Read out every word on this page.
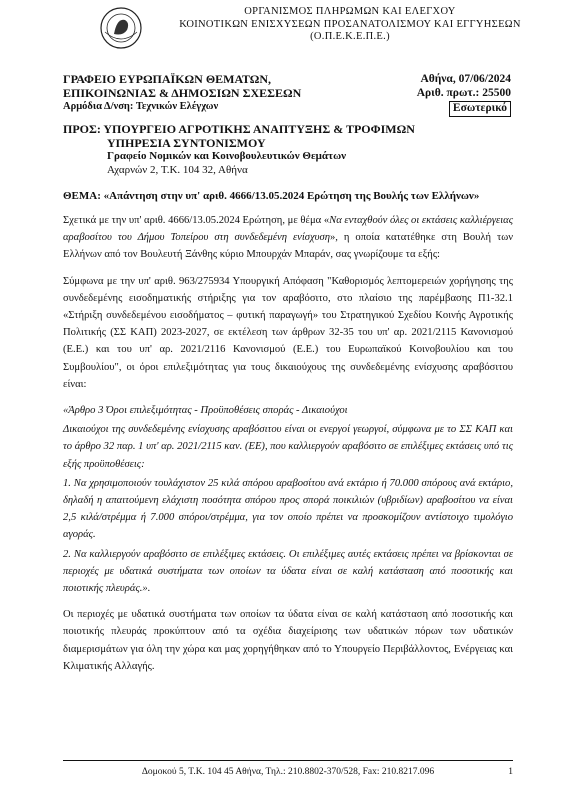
ΟΡΓΑΝΙΣΜΟΣ ΠΛΗΡΩΜΩΝ ΚΑΙ ΕΛΕΓΧΟΥ
ΚΟΙΝΟΤΙΚΩΝ ΕΝΙΣΧΥΣΕΩΝ ΠΡΟΣΑΝΑΤΟΛΙΣΜΟΥ ΚΑΙ ΕΓΓΥΗΣΕΩΝ
(Ο.Π.Ε.Κ.Ε.Π.Ε.)
ΓΡΑΦΕΙΟ ΕΥΡΩΠΑΪΚΩΝ ΘΕΜΑΤΩΝ,
ΕΠΙΚΟΙΝΩΝΙΑΣ & ΔΗΜΟΣΙΩΝ ΣΧΕΣΕΩΝ
Αρμόδια Δ/νση: Τεχνικών Ελέγχων
Αθήνα, 07/06/2024
Αριθ. πρωτ.: 25500
Εσωτερικό
ΠΡΟΣ: ΥΠΟΥΡΓΕΙΟ ΑΓΡΟΤΙΚΗΣ ΑΝΑΠΤΥΞΗΣ & ΤΡΟΦΙΜΩΝ
ΥΠΗΡΕΣΙΑ ΣΥΝΤΟΝΙΣΜΟΥ
Γραφείο Νομικών και Κοινοβουλευτικών Θεμάτων
Αχαρνών 2, Τ.Κ. 104 32, Αθήνα
ΘΕΜΑ: «Απάντηση στην υπ' αριθ. 4666/13.05.2024 Ερώτηση της Βουλής των Ελλήνων»

Σχετικά με την υπ' αριθ. 4666/13.05.2024 Ερώτηση, με θέμα «Να ενταχθούν όλες οι εκτάσεις καλλιέργειας αραβοσίτου του Δήμου Τοπείρου στη συνδεδεμένη ενίσχυση», η οποία κατατέθηκε στη Βουλή των Ελλήνων από τον Βουλευτή Ξάνθης κύριο Μπουρχάν Μπαράν, σας γνωρίζουμε τα εξής:

Σύμφωνα με την υπ' αριθ. 963/275934 Υπουργική Απόφαση "Καθορισμός λεπτομερειών χορήγησης της συνδεδεμένης εισοδηματικής στήριξης για τον αραβόσιτο, στο πλαίσιο της παρέμβασης Π1-32.1 «Στήριξη συνδεδεμένου εισοδήματος – φυτική παραγωγή» του Στρατηγικού Σχεδίου Κοινής Αγροτικής Πολιτικής (ΣΣ ΚΑΠ) 2023-2027, σε εκτέλεση των άρθρων 32-35 του υπ' αρ. 2021/2115 Κανονισμού (Ε.Ε.) και του υπ' αρ. 2021/2116 Κανονισμού (Ε.Ε.) του Ευρωπαϊκού Κοινοβουλίου και του Συμβουλίου", οι όροι επιλεξιμότητας για τους δικαιούχους της συνδεδεμένης ενίσχυσης αραβόσιτου είναι:

«Άρθρο 3 Όροι επιλεξιμότητας - Προϋποθέσεις σποράς - Δικαιούχοι

Δικαιούχοι της συνδεδεμένης ενίσχυσης αραβόσιτου είναι οι ενεργοί γεωργοί, σύμφωνα με το ΣΣ ΚΑΠ και το άρθρο 32 παρ. 1 υπ' αρ. 2021/2115 καν. (ΕΕ), που καλλιεργούν αραβόσιτο σε επιλέξιμες εκτάσεις υπό τις εξής προϋποθέσεις:

1. Να χρησιμοποιούν τουλάχιστον 25 κιλά σπόρου αραβοσίτου ανά εκτάριο ή 70.000 σπόρους ανά εκτάριο, δηλαδή η απαιτούμενη ελάχιστη ποσότητα σπόρου προς σπορά ποικιλιών (υβριδίων) αραβοσίτου να είναι 2,5 κιλά/στρέμμα ή 7.000 σπόροι/στρέμμα, για τον οποίο πρέπει να προσκομίζουν αντίστοιχο τιμολόγιο αγοράς.

2. Να καλλιεργούν αραβόσιτο σε επιλέξιμες εκτάσεις. Οι επιλέξιμες αυτές εκτάσεις πρέπει να βρίσκονται σε περιοχές με υδατικά συστήματα των οποίων τα ύδατα είναι σε καλή κατάσταση από ποσοτικής και ποιοτικής πλευράς.».

Οι περιοχές με υδατικά συστήματα των οποίων τα ύδατα είναι σε καλή κατάσταση από ποσοτικής και ποιοτικής πλευράς προκύπτουν από τα σχέδια διαχείρισης των υδατικών πόρων των υδατικών διαμερισμάτων για όλη την χώρα και μας χορηγήθηκαν από το Υπουργείο Περιβάλλοντος, Ενέργειας και Κλιματικής Αλλαγής.

Δομοκού 5, Τ.Κ. 104 45 Αθήνα, Τηλ.: 210.8802-370/528, Fax: 210.8217.096	1
